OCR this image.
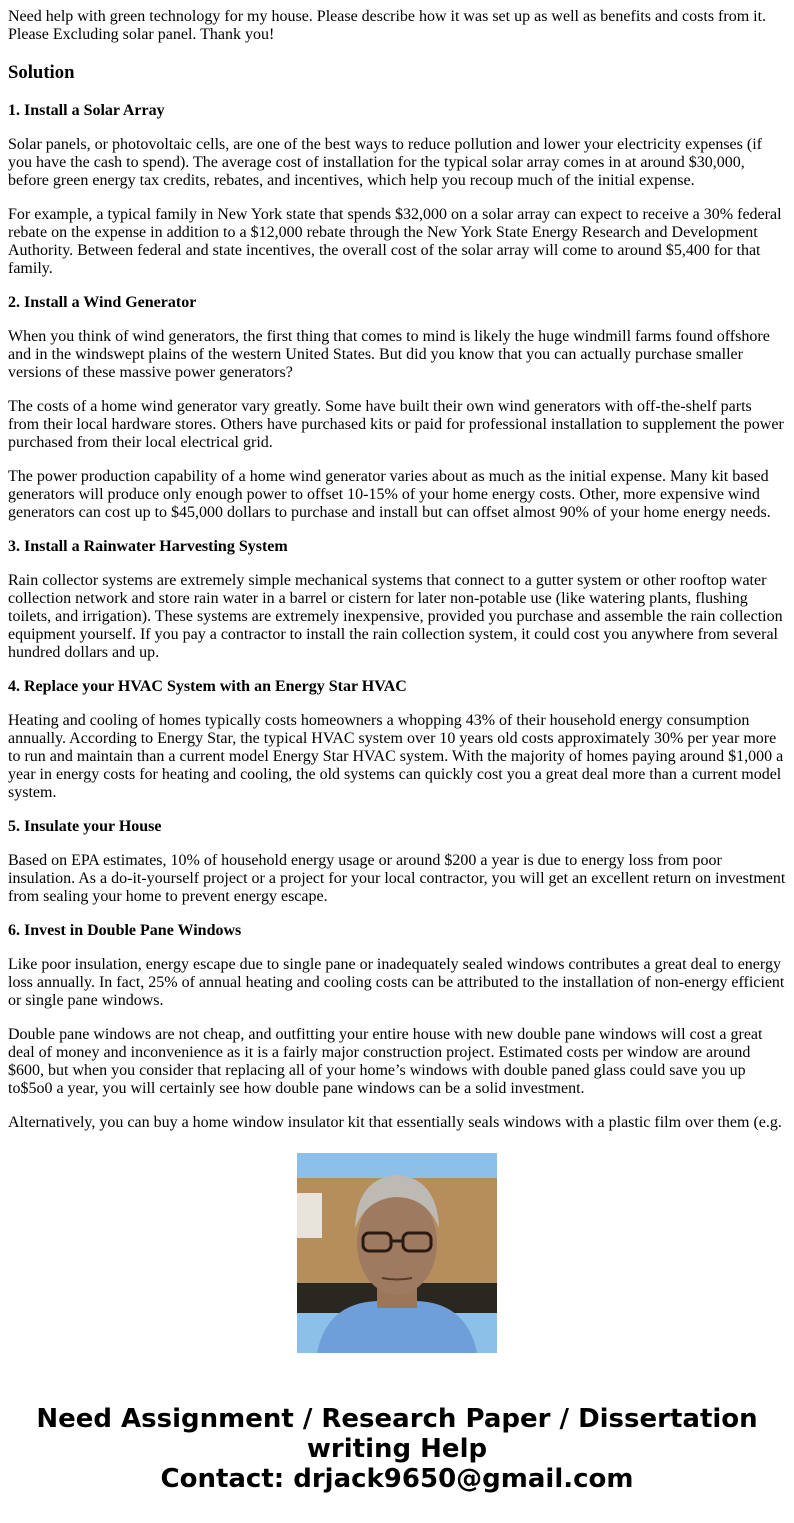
Need help with green technology for my house. Please describe how it was set up as well as benefits and costs from it. Please Excluding solar panel. Thank you!

Solution
1. Install a Solar Array

Solar panels, or photovoltaic cells, are one of the best ways to reduce pollution and lower your electricity expenses (if you have the cash to spend). The average cost of installation for the typical solar array comes in at around $30,000, before green energy tax credits, rebates, and incentives, which help you recoup much of the initial expense.

For example, a typical family in New York state that spends $32,000 on a solar array can expect to receive a 30% federal rebate on the expense in addition to a $12,000 rebate through the New York State Energy Research and Development Authority. Between federal and state incentives, the overall cost of the solar array will come to around $5,400 for that family.

2. Install a Wind Generator

When you think of wind generators, the first thing that comes to mind is likely the huge windmill farms found offshore and in the windswept plains of the western United States. But did you know that you can actually purchase smaller versions of these massive power generators?

The costs of a home wind generator vary greatly. Some have built their own wind generators with off-the-shelf parts from their local hardware stores. Others have purchased kits or paid for professional installation to supplement the power purchased from their local electrical grid.

The power production capability of a home wind generator varies about as much as the initial expense. Many kit based generators will produce only enough power to offset 10-15% of your home energy costs. Other, more expensive wind generators can cost up to $45,000 dollars to purchase and install but can offset almost 90% of your home energy needs.

3. Install a Rainwater Harvesting System

Rain collector systems are extremely simple mechanical systems that connect to a gutter system or other rooftop water collection network and store rain water in a barrel or cistern for later non-potable use (like watering plants, flushing toilets, and irrigation). These systems are extremely inexpensive, provided you purchase and assemble the rain collection equipment yourself. If you pay a contractor to install the rain collection system, it could cost you anywhere from several hundred dollars and up.

4. Replace your HVAC System with an Energy Star HVAC

Heating and cooling of homes typically costs homeowners a whopping 43% of their household energy consumption annually. According to Energy Star, the typical HVAC system over 10 years old costs approximately 30% per year more to run and maintain than a current model Energy Star HVAC system. With the majority of homes paying around $1,000 a year in energy costs for heating and cooling, the old systems can quickly cost you a great deal more than a current model system.

5. Insulate your House

Based on EPA estimates, 10% of household energy usage or around $200 a year is due to energy loss from poor insulation. As a do-it-yourself project or a project for your local contractor, you will get an excellent return on investment from sealing your home to prevent energy escape.

6. Invest in Double Pane Windows

Like poor insulation, energy escape due to single pane or inadequately sealed windows contributes a great deal to energy loss annually. In fact, 25% of annual heating and cooling costs can be attributed to the installation of non-energy efficient or single pane windows.

Double pane windows are not cheap, and outfitting your entire house with new double pane windows will cost a great deal of money and inconvenience as it is a fairly major construction project. Estimated costs per window are around $600, but when you consider that replacing all of your home’s windows with double paned glass could save you up to$5o0 a year, you will certainly see how double pane windows can be a solid investment.

Alternatively, you can buy a home window insulator kit that essentially seals windows with a plastic film over them (e.g.

Need Assignment / Research Paper / Dissertation
writing Help
Contact: drjack9650@gmail.com
